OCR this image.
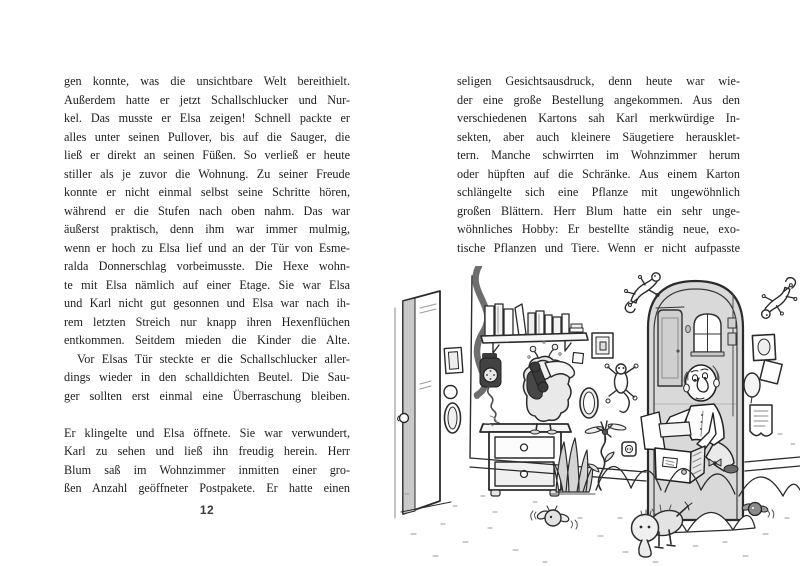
gen konnte, was die unsichtbare Welt bereithielt.
Außerdem hatte er jetzt Schallschlucker und Nur-
kel. Das musste er Elsa zeigen! Schnell packte er
alles unter seinen Pullover, bis auf die Sauger, die
ließ er direkt an seinen Füßen. So verließ er heute
stiller als je zuvor die Wohnung. Zu seiner Freude
konnte er nicht einmal selbst seine Schritte hören,
während er die Stufen nach oben nahm. Das war
äußerst praktisch, denn ihm war immer mulmig,
wenn er hoch zu Elsa lief und an der Tür von Esme-
ralda Donnerschlag vorbeimusste. Die Hexe wohn-
te mit Elsa nämlich auf einer Etage. Sie war Elsa
und Karl nicht gut gesonnen und Elsa war nach ih-
rem letzten Streich nur knapp ihren Hexenflüchen
entkommen. Seitdem mieden die Kinder die Alte.
Vor Elsas Tür steckte er die Schallschlucker aller-
dings wieder in den schalldichten Beutel. Die Sau-
ger sollten erst einmal eine Überraschung bleiben.

Er klingelte und Elsa öffnete. Sie war verwundert,
Karl zu sehen und ließ ihn freudig herein. Herr
Blum saß im Wohnzimmer inmitten einer gro-
ßen Anzahl geöffneter Postpakete. Er hatte einen
12
seligen Gesichtsausdruck, denn heute war wie-
der eine große Bestellung angekommen. Aus den
verschiedenen Kartons sah Karl merkwürdige In-
sekten, aber auch kleinere Säugetiere herausklet-
tern. Manche schwirrten im Wohnzimmer herum
oder hüpften auf die Schränke. Aus einem Karton
schlängelte sich eine Pflanze mit ungewöhnlich
großen Blättern. Herr Blum hatte ein sehr unge-
wöhnliches Hobby: Er bestellte ständig neue, exo-
tische Pflanzen und Tiere. Wenn er nicht aufpasste
